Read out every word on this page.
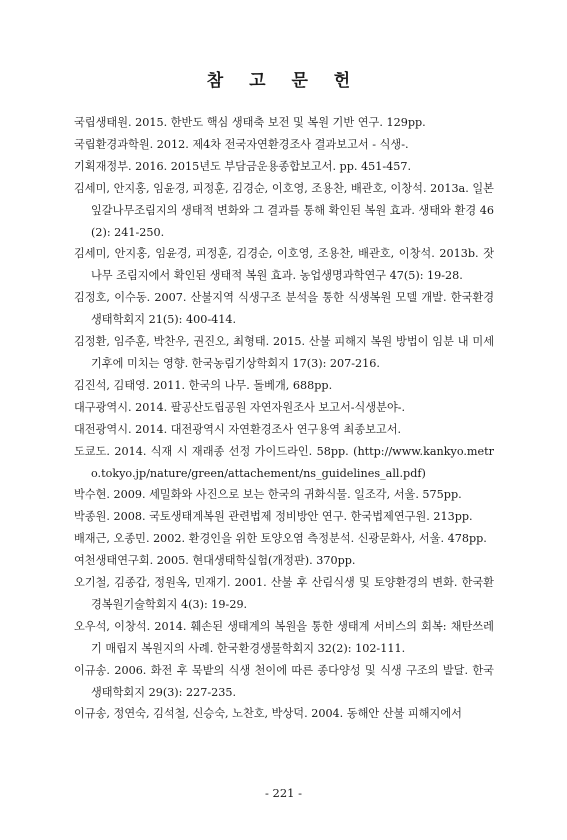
참 고 문 헌
국립생태원. 2015. 한반도 핵심 생태축 보전 및 복원 기반 연구. 129pp.
국립환경과학원. 2012. 제4차 전국자연환경조사 결과보고서 - 식생-.
기획재정부. 2016. 2015년도 부담금운용종합보고서. pp. 451-457.
김세미, 안지홍, 임윤경, 피정훈, 김경순, 이호영, 조용찬, 배관호, 이창석. 2013a. 일본잎갈나무조림지의 생태적 변화와 그 결과를 통해 확인된 복원 효과. 생태와 환경 46(2): 241-250.
김세미, 안지홍, 임윤경, 피정훈, 김경순, 이호영, 조용찬, 배관호, 이창석. 2013b. 잣나무 조림지에서 확인된 생태적 복원 효과. 농업생명과학연구 47(5): 19-28.
김정호, 이수동. 2007. 산불지역 식생구조 분석을 통한 식생복원 모델 개발. 한국환경생태학회지 21(5): 400-414.
김정환, 임주훈, 박찬우, 권진오, 최형태. 2015. 산불 피해지 복원 방법이 임분 내 미세 기후에 미치는 영향. 한국농림기상학회지 17(3): 207-216.
김진석, 김태영. 2011. 한국의 나무. 돌베개, 688pp.
대구광역시. 2014. 팔공산도립공원 자연자원조사 보고서-식생분야-.
대전광역시. 2014. 대전광역시 자연환경조사 연구용역 최종보고서.
도쿄도. 2014. 식재 시 재래종 선정 가이드라인. 58pp. (http://www.kankyo.metro.tokyo.jp/nature/green/attachement/ns_guidelines_all.pdf)
박수현. 2009. 세밀화와 사진으로 보는 한국의 귀화식물. 일조각, 서울. 575pp.
박종원. 2008. 국토생태계복원 관련법제 정비방안 연구. 한국법제연구원. 213pp.
배재근, 오종민. 2002. 환경인을 위한 토양오염 측정분석. 신광문화사, 서울. 478pp.
여천생태연구회. 2005. 현대생태학실험(개정판). 370pp.
오기철, 김종갑, 정원옥, 민재기. 2001. 산불 후 산림식생 및 토양환경의 변화. 한국환경복원기술학회지 4(3): 19-29.
오우석, 이창석. 2014. 훼손된 생태계의 복원을 통한 생태계 서비스의 회복: 채탄쓰레기 매립지 복원지의 사례. 한국환경생물학회지 32(2): 102-111.
이규송. 2006. 화전 후 묵밭의 식생 천이에 따른 종다양성 및 식생 구조의 발달. 한국생태학회지 29(3): 227-235.
이규송, 정연숙, 김석철, 신승숙, 노찬호, 박상덕. 2004. 동해안 산불 피해지에서
- 221 -
